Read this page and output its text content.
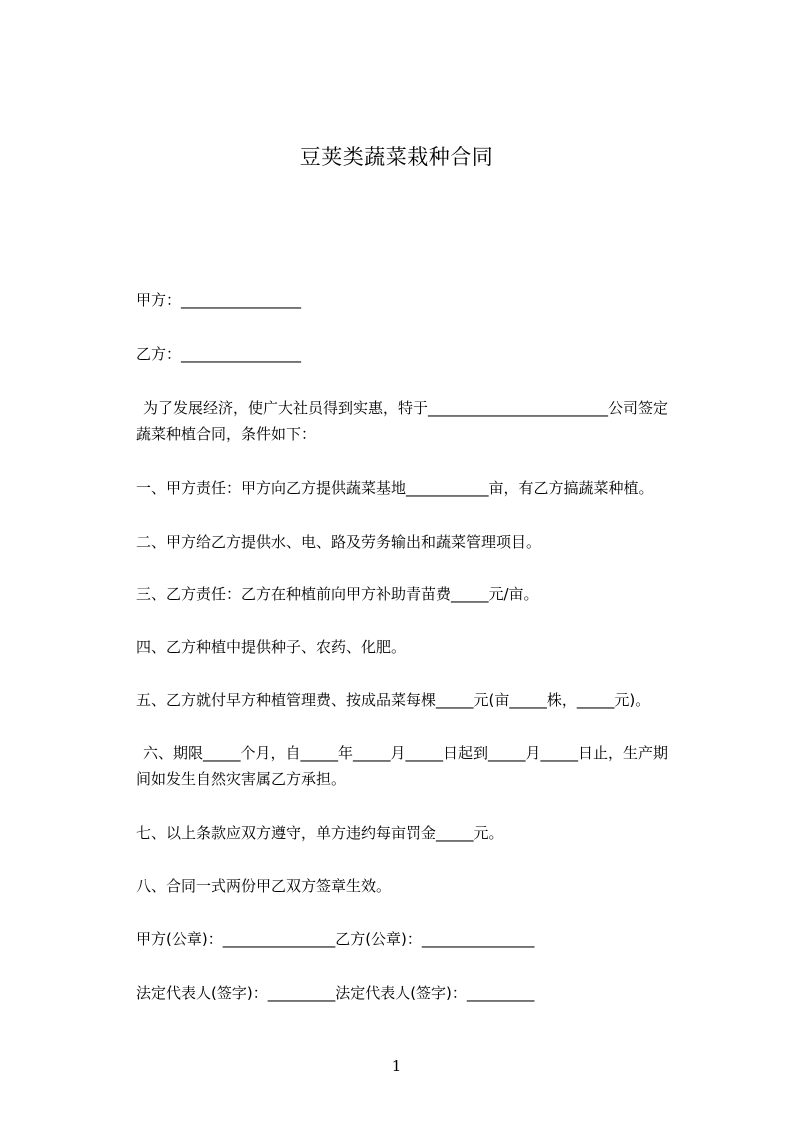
豆荚类蔬菜栽种合同
甲方：________________
乙方：________________
为了发展经济，使广大社员得到实惠，特于________________________公司签定
蔬菜种植合同，条件如下：
一、甲方责任：甲方向乙方提供蔬菜基地___________亩，有乙方搞蔬菜种植。
二、甲方给乙方提供水、电、路及劳务输出和蔬菜管理项目。
三、乙方责任：乙方在种植前向甲方补助青苗费_____元/亩。
四、乙方种植中提供种子、农药、化肥。
五、乙方就付早方种植管理费、按成品菜每棵_____元(亩_____株，_____元)。
六、期限_____个月，自_____年_____月_____日起到_____月_____日止，生产期
间如发生自然灾害属乙方承担。
七、以上条款应双方遵守，单方违约每亩罚金_____元。
八、合同一式两份甲乙双方签章生效。
甲方(公章)：_______________乙方(公章)：_______________
法定代表人(签字)：_________法定代表人(签字)：_________
1
